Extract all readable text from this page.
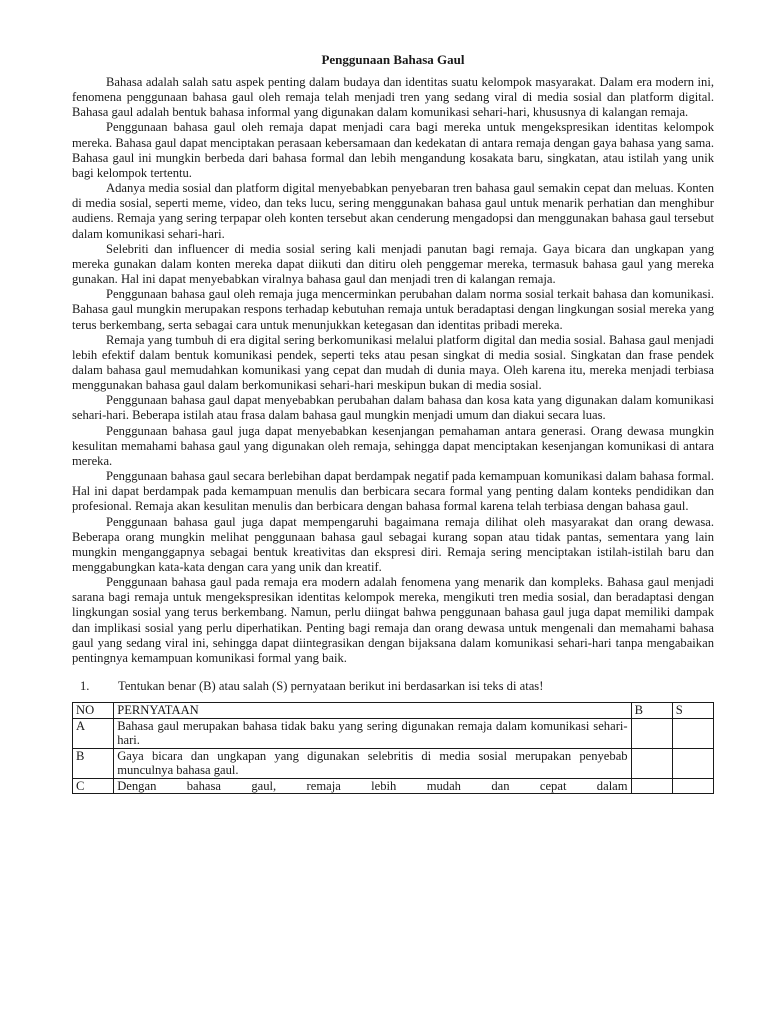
Penggunaan Bahasa Gaul

Bahasa adalah salah satu aspek penting dalam budaya dan identitas suatu kelompok masyarakat. Dalam era modern ini, fenomena penggunaan bahasa gaul oleh remaja telah menjadi tren yang sedang viral di media sosial dan platform digital. Bahasa gaul adalah bentuk bahasa informal yang digunakan dalam komunikasi sehari-hari, khususnya di kalangan remaja.

Penggunaan bahasa gaul oleh remaja dapat menjadi cara bagi mereka untuk mengekspresikan identitas kelompok mereka. Bahasa gaul dapat menciptakan perasaan kebersamaan dan kedekatan di antara remaja dengan gaya bahasa yang sama. Bahasa gaul ini mungkin berbeda dari bahasa formal dan lebih mengandung kosakata baru, singkatan, atau istilah yang unik bagi kelompok tertentu.

Adanya media sosial dan platform digital menyebabkan penyebaran tren bahasa gaul semakin cepat dan meluas. Konten di media sosial, seperti meme, video, dan teks lucu, sering menggunakan bahasa gaul untuk menarik perhatian dan menghibur audiens. Remaja yang sering terpapar oleh konten tersebut akan cenderung mengadopsi dan menggunakan bahasa gaul tersebut dalam komunikasi sehari-hari.

Selebriti dan influencer di media sosial sering kali menjadi panutan bagi remaja. Gaya bicara dan ungkapan yang mereka gunakan dalam konten mereka dapat diikuti dan ditiru oleh penggemar mereka, termasuk bahasa gaul yang mereka gunakan. Hal ini dapat menyebabkan viralnya bahasa gaul dan menjadi tren di kalangan remaja.

Penggunaan bahasa gaul oleh remaja juga mencerminkan perubahan dalam norma sosial terkait bahasa dan komunikasi. Bahasa gaul mungkin merupakan respons terhadap kebutuhan remaja untuk beradaptasi dengan lingkungan sosial mereka yang terus berkembang, serta sebagai cara untuk menunjukkan ketegasan dan identitas pribadi mereka.

Remaja yang tumbuh di era digital sering berkomunikasi melalui platform digital dan media sosial. Bahasa gaul menjadi lebih efektif dalam bentuk komunikasi pendek, seperti teks atau pesan singkat di media sosial. Singkatan dan frase pendek dalam bahasa gaul memudahkan komunikasi yang cepat dan mudah di dunia maya. Oleh karena itu, mereka menjadi terbiasa menggunakan bahasa gaul dalam berkomunikasi sehari-hari meskipun bukan di media sosial.

Penggunaan bahasa gaul dapat menyebabkan perubahan dalam bahasa dan kosa kata yang digunakan dalam komunikasi sehari-hari. Beberapa istilah atau frasa dalam bahasa gaul mungkin menjadi umum dan diakui secara luas.

Penggunaan bahasa gaul juga dapat menyebabkan kesenjangan pemahaman antara generasi. Orang dewasa mungkin kesulitan memahami bahasa gaul yang digunakan oleh remaja, sehingga dapat menciptakan kesenjangan komunikasi di antara mereka.

Penggunaan bahasa gaul secara berlebihan dapat berdampak negatif pada kemampuan komunikasi dalam bahasa formal. Hal ini dapat berdampak pada kemampuan menulis dan berbicara secara formal yang penting dalam konteks pendidikan dan profesional. Remaja akan kesulitan menulis dan berbicara dengan bahasa formal karena telah terbiasa dengan bahasa gaul.

Penggunaan bahasa gaul juga dapat mempengaruhi bagaimana remaja dilihat oleh masyarakat dan orang dewasa. Beberapa orang mungkin melihat penggunaan bahasa gaul sebagai kurang sopan atau tidak pantas, sementara yang lain mungkin menganggapnya sebagai bentuk kreativitas dan ekspresi diri. Remaja sering menciptakan istilah-istilah baru dan menggabungkan kata-kata dengan cara yang unik dan kreatif.

Penggunaan bahasa gaul pada remaja era modern adalah fenomena yang menarik dan kompleks. Bahasa gaul menjadi sarana bagi remaja untuk mengekspresikan identitas kelompok mereka, mengikuti tren media sosial, dan beradaptasi dengan lingkungan sosial yang terus berkembang. Namun, perlu diingat bahwa penggunaan bahasa gaul juga dapat memiliki dampak dan implikasi sosial yang perlu diperhatikan. Penting bagi remaja dan orang dewasa untuk mengenali dan memahami bahasa gaul yang sedang viral ini, sehingga dapat diintegrasikan dengan bijaksana dalam komunikasi sehari-hari tanpa mengabaikan pentingnya kemampuan komunikasi formal yang baik.

1.	Tentukan benar (B) atau salah (S) pernyataan berikut ini berdasarkan isi teks di atas!
NO	PERNYATAAN	B	S
A	Bahasa gaul merupakan bahasa tidak baku yang sering digunakan remaja dalam komunikasi sehari-hari.		
B	Gaya bicara dan ungkapan yang digunakan selebritis di media sosial merupakan penyebab munculnya bahasa gaul.		
C	Dengan bahasa gaul, remaja lebih mudah dan cepat dalam		
